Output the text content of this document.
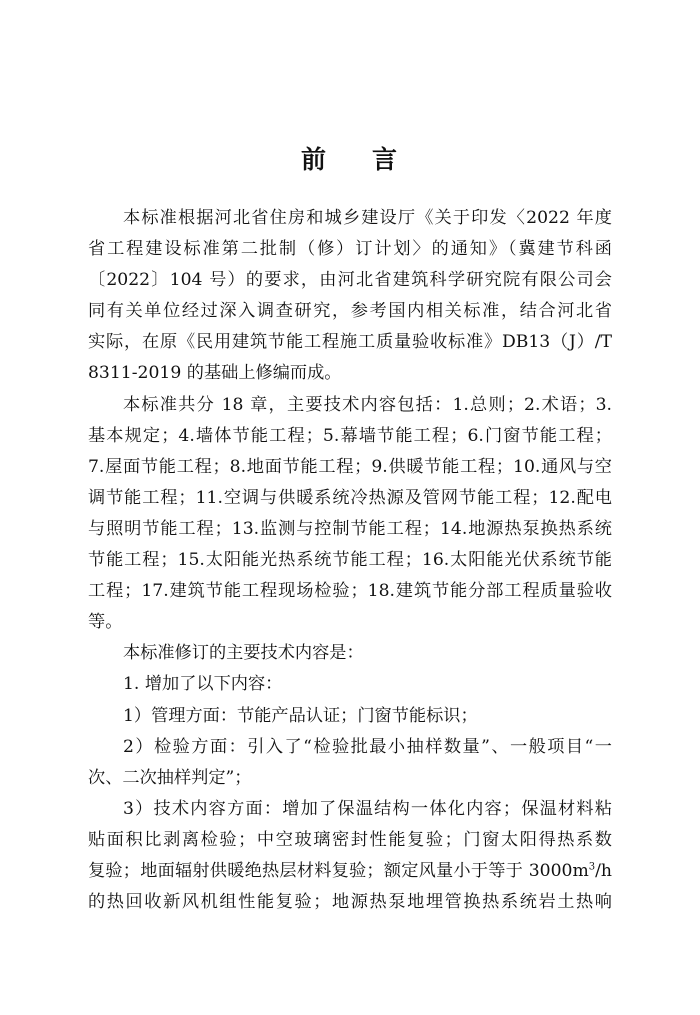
前 言

本标准根据河北省住房和城乡建设厅《关于印发〈2022 年度

省工程建设标准第二批制（修）订计划〉的通知》（冀建节科函

〔2022〕104 号）的要求，由河北省建筑科学研究院有限公司会

同有关单位经过深入调查研究，参考国内相关标准，结合河北省

实际，在原《民用建筑节能工程施工质量验收标准》DB13（J）/T

8311-2019 的基础上修编而成。

本标准共分 18 章，主要技术内容包括：1.总则；2.术语；3.

基本规定；4.墙体节能工程；5.幕墙节能工程；6.门窗节能工程；

7.屋面节能工程；8.地面节能工程；9.供暖节能工程；10.通风与空

调节能工程；11.空调与供暖系统冷热源及管网节能工程；12.配电

与照明节能工程；13.监测与控制节能工程；14.地源热泵换热系统

节能工程；15.太阳能光热系统节能工程；16.太阳能光伏系统节能

工程；17.建筑节能工程现场检验；18.建筑节能分部工程质量验收

等。

本标准修订的主要技术内容是：

1. 增加了以下内容：

1）管理方面：节能产品认证；门窗节能标识；

2）检验方面：引入了“检验批最小抽样数量”、一般项目“一

次、二次抽样判定”；

3）技术内容方面：增加了保温结构一体化内容；保温材料粘

贴面积比剥离检验；中空玻璃密封性能复验；门窗太阳得热系数

复验；地面辐射供暖绝热层材料复验；额定风量小于等于 $3000m^3/h$

的热回收新风机组性能复验；地源热泵地埋管换热系统岩土热响
